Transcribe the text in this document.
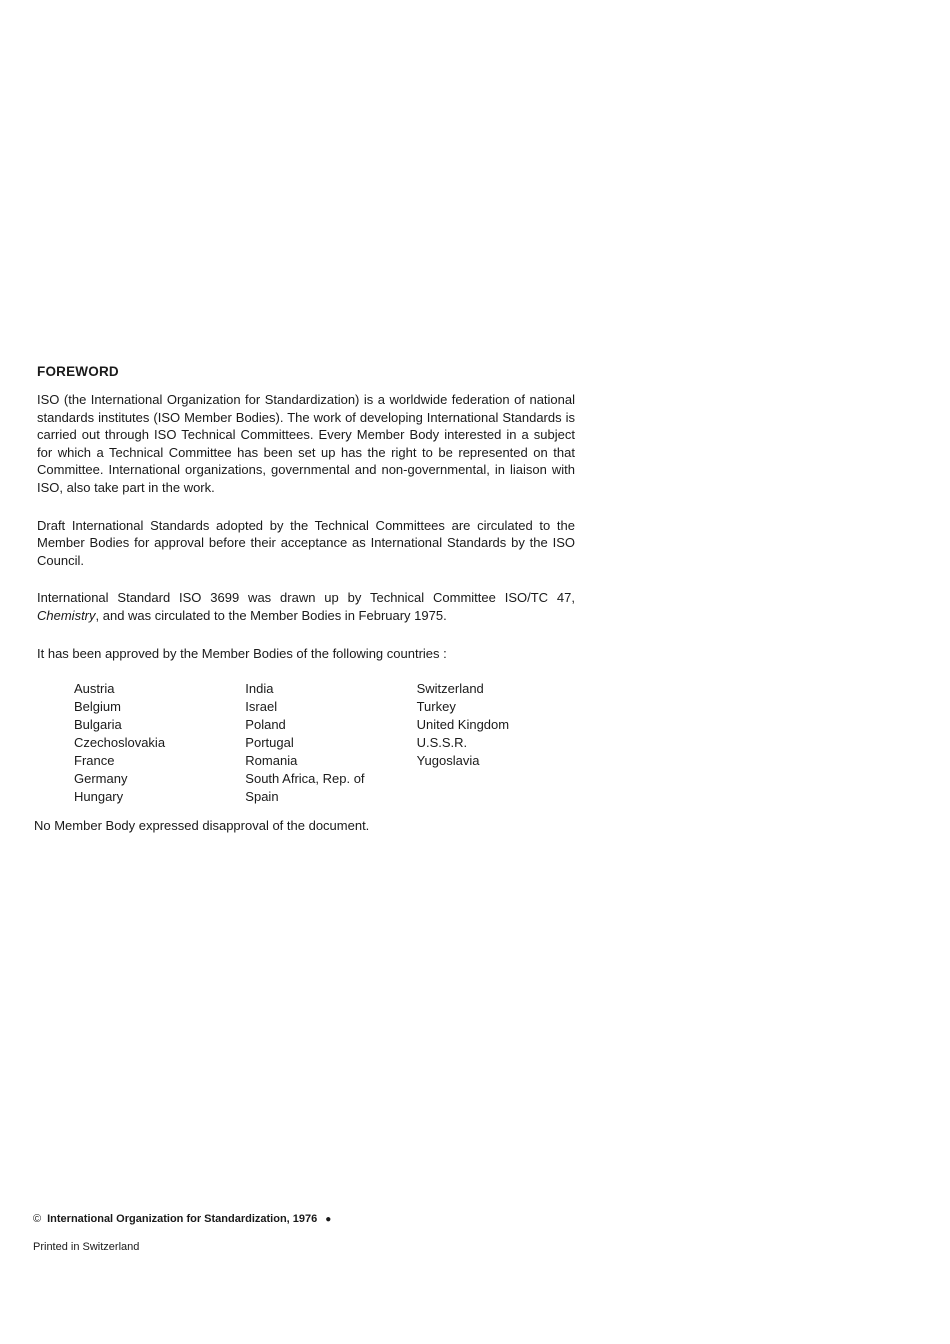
FOREWORD

ISO (the International Organization for Standardization) is a worldwide federation of national standards institutes (ISO Member Bodies). The work of developing International Standards is carried out through ISO Technical Committees. Every Member Body interested in a subject for which a Technical Committee has been set up has the right to be represented on that Committee. International organizations, governmental and non-governmental, in liaison with ISO, also take part in the work.

Draft International Standards adopted by the Technical Committees are circulated to the Member Bodies for approval before their acceptance as International Standards by the ISO Council.

International Standard ISO 3699 was drawn up by Technical Committee ISO/TC 47, Chemistry, and was circulated to the Member Bodies in February 1975.

It has been approved by the Member Bodies of the following countries :

Austria
Belgium
Bulgaria
Czechoslovakia
France
Germany
Hungary
India
Israel
Poland
Portugal
Romania
South Africa, Rep. of
Spain
Switzerland
Turkey
United Kingdom
U.S.S.R.
Yugoslavia

No Member Body expressed disapproval of the document.

© International Organization for Standardization, 1976 ●
Printed in Switzerland
